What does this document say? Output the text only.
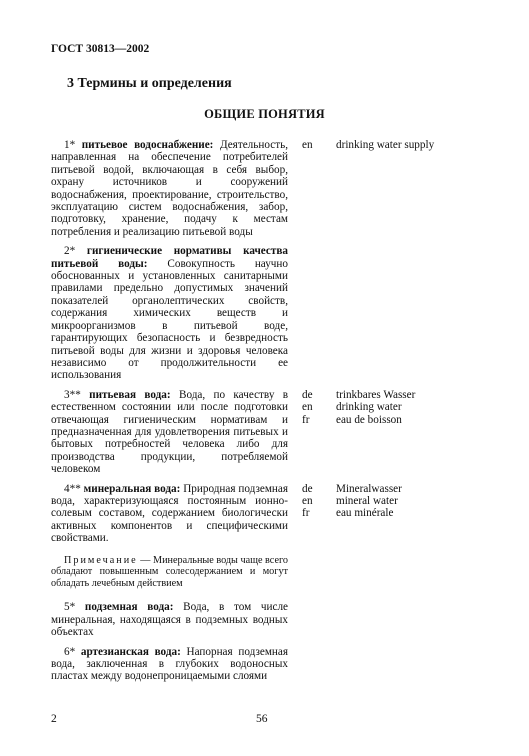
ГОСТ 30813—2002
3 Термины и определения
ОБЩИЕ ПОНЯТИЯ
1* питьевое водоснабжение: Деятельность, направленная на обеспечение потребителей питьевой водой, включающая в себя выбор, охрану источников и сооружений водоснабжения, проектирование, строительство, эксплуатацию систем водоснабжения, забор, подготовку, хранение, подачу к местам потребления и реализацию питьевой воды
en	drinking water supply
2* гигиенические нормативы качества питьевой воды: Совокупность научно обоснованных и установленных санитарными правилами предельно допустимых значений показателей органолептических свойств, содержания химических веществ и микроорганизмов в питьевой воде, гарантирующих безопасность и безвредность питьевой воды для жизни и здоровья человека независимо от продолжительности ее использования
3** питьевая вода: Вода, по качеству в естественном состоянии или после подготовки отвечающая гигиеническим нормативам и предназначенная для удовлетворения питьевых и бытовых потребностей человека либо для производства продукции, потребляемой человеком
de	trinkbares Wasser
en	drinking water
fr	eau de boisson
4** минеральная вода: Природная подземная вода, характеризующаяся постоянным ионно-солевым составом, содержанием биологически активных компонентов и специфическими свойствами.
de	Mineralwasser
en	mineral water
fr	eau minérale
Примечание — Минеральные воды чаще всего обладают повышенным солесодержанием и могут обладать лечебным действием
5* подземная вода: Вода, в том числе минеральная, находящаяся в подземных водных объектах
6* артезианская вода: Напорная подземная вода, заключенная в глубоких водоносных пластах между водонепроницаемыми слоями
2	56
